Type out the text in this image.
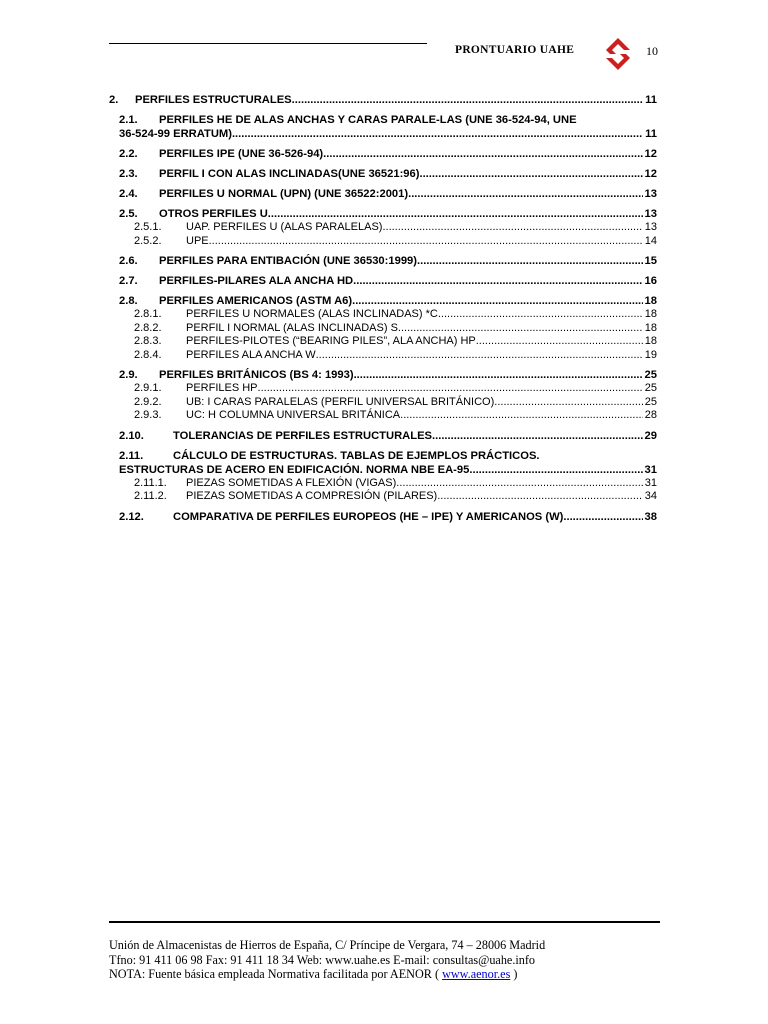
PRONTUARIO UAHE	10
2.	PERFILES ESTRUCTURALES .....	11
2.1. PERFILES HE DE ALAS ANCHAS Y CARAS PARALE-LAS (UNE 36-524-94, UNE
36-524-99 ERRATUM) .....	11
2.2.	PERFILES IPE (UNE 36-526-94) .....	12
2.3.	PERFIL I CON ALAS INCLINADAS(UNE 36521:96) .....	12
2.4.	PERFILES U NORMAL (UPN) (UNE 36522:2001) .....	13
2.5.	OTROS PERFILES U .....	13
2.5.1.	UAP. PERFILES U (ALAS PARALELAS) .....	13
2.5.2.	UPE .....	14
2.6.	PERFILES PARA ENTIBACIÓN (UNE 36530:1999) .....	15
2.7.	PERFILES-PILARES ALA ANCHA HD .....	16
2.8.	PERFILES AMERICANOS (ASTM A6) .....	18
2.8.1.	PERFILES U NORMALES (ALAS INCLINADAS) *C .....	18
2.8.2.	PERFIL I NORMAL (ALAS INCLINADAS) S .....	18
2.8.3.	PERFILES-PILOTES (“BEARING PILES”, ALA ANCHA) HP .....	18
2.8.4.	PERFILES ALA ANCHA W .....	19
2.9.	PERFILES BRITÁNICOS (BS 4: 1993) .....	25
2.9.1.	PERFILES HP .....	25
2.9.2.	UB: I CARAS PARALELAS (PERFIL UNIVERSAL BRITÁNICO) .....	25
2.9.3.	UC: H COLUMNA UNIVERSAL BRITÁNICA .....	28
2.10.	TOLERANCIAS DE PERFILES ESTRUCTURALES .....	29
2.11.	CÁLCULO DE ESTRUCTURAS. TABLAS DE EJEMPLOS PRÁCTICOS.
ESTRUCTURAS DE ACERO EN EDIFICACIÓN. NORMA NBE EA-95. .....	31
2.11.1.	PIEZAS SOMETIDAS A FLEXIÓN (VIGAS) .....	31
2.11.2.	PIEZAS SOMETIDAS A COMPRESIÓN (PILARES) .....	34
2.12.	COMPARATIVA DE PERFILES EUROPEOS (HE – IPE) Y AMERICANOS (W) .....	38
Unión de Almacenistas de Hierros de España, C/ Príncipe de Vergara, 74 – 28006 Madrid
Tfno: 91 411 06 98 Fax: 91 411 18 34 Web: www.uahe.es E-mail: consultas@uahe.info
NOTA: Fuente básica empleada Normativa facilitada por AENOR ( www.aenor.es )
